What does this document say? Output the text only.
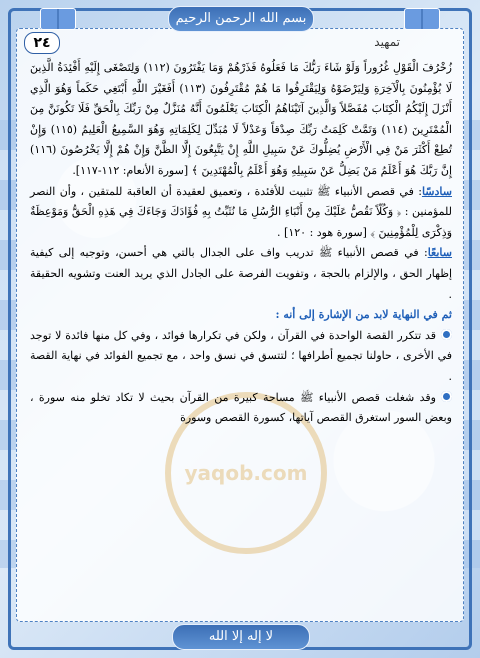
بسم الله الرحمن الرحيم
٢٤	تمهيد
yaqob.com

زُخْرُفَ الْقَوْلِ غُرُوراً وَلَوْ شَاءَ رَبُّكَ مَا فَعَلُوهُ فَذَرْهُمْ وَمَا يَفْتَرُونَ (١١٢) وَلِتَصْغَى إِلَيْهِ أَفْئِدَةُ الَّذِينَ لَا يُؤْمِنُونَ بِالْآخِرَةِ وَلِيَرْضَوْهُ وَلِيَقْتَرِفُوا مَا هُمْ مُقْتَرِفُونَ (١١٣) أَفَغَيْرَ اللَّهِ أَبْتَغِي حَكَماً وَهُوَ الَّذِي أَنْزَلَ إِلَيْكُمُ الْكِتَابَ مُفَصَّلاً وَالَّذِينَ آتَيْنَاهُمُ الْكِتَابَ يَعْلَمُونَ أَنَّهُ مُنَزَّلٌ مِنْ رَبِّكَ بِالْحَقِّ فَلَا تَكُونَنَّ مِنَ الْمُمْتَرِينَ (١١٤) وَتَمَّتْ كَلِمَتُ رَبِّكَ صِدْقاً وَعَدْلاً لَا مُبَدِّلَ لِكَلِمَاتِهِ وَهُوَ السَّمِيعُ الْعَلِيمُ (١١٥) وَإِنْ تُطِعْ أَكْثَرَ مَنْ فِي الْأَرْضِ يُضِلُّوكَ عَنْ سَبِيلِ اللَّهِ إِنْ يَتَّبِعُونَ إِلَّا الظَّنَّ وَإِنْ هُمْ إِلَّا يَخْرُصُونَ (١١٦) إِنَّ رَبَّكَ هُوَ أَعْلَمُ مَنْ يَضِلُّ عَنْ سَبِيلِهِ وَهُوَ أَعْلَمُ بِالْمُهْتَدِينَ ﴾ [سورة الأنعام: ١١٢-١١٧].

سادسًا: في قصص الأنبياء ﷺ تثبيت للأفئدة ، وتعميق لعقيدة أن العاقبة للمتقين ، وأن النصر للمؤمنين : ﴿ وَكُلّاً نَقُصُّ عَلَيْكَ مِنْ أَنْبَاءِ الرُّسُلِ مَا نُثَبِّتُ بِهِ فُؤَادَكَ وَجَاءَكَ فِي هَذِهِ الْحَقُّ وَمَوْعِظَةٌ وَذِكْرَى لِلْمُؤْمِنِينَ ﴾ [سورة هود : ١٢٠] .

سابعًا: في قصص الأنبياء ﷺ تدريب واف على الجدال بالتي هي أحسن، وتوجيه إلى كيفية إظهار الحق ، والإلزام بالحجة ، وتفويت الفرصة على الجادل الذي يريد العنت وتشويه الحقيقة .

ثم في النهاية لابد من الإشارة إلى أنه :

قد تتكرر القصة الواحدة في القرآن ، ولكن في تكرارها فوائد ، وفي كل منها فائدة لا توجد في الأخرى ، حاولنا تجميع أطرافها ؛ لتتسق في نسق واحد ، مع تجميع الفوائد في نهاية القصة .

وقد شغلت قصص الأنبياء ﷺ مساحة كبيرة من القرآن بحيث لا تكاد تخلو منه سورة ، وبعض السور استغرق القصص آياتها، كسورة القصص وسورة

لا إله إلا الله
